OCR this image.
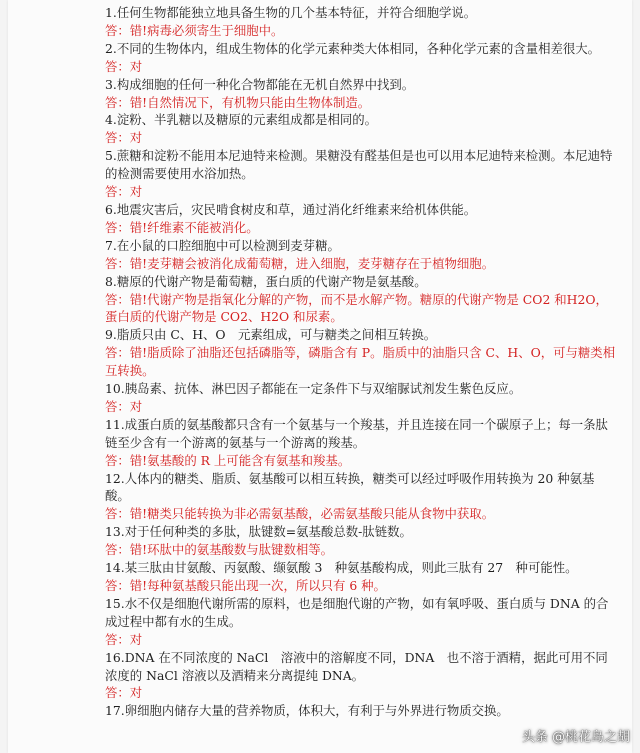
1.任何生物都能独立地具备生物的几个基本特征，并符合细胞学说。

答：错!病毒必须寄生于细胞中。

2.不同的生物体内，组成生物体的化学元素种类大体相同，各种化学元素的含量相差很大。

答：对

3.构成细胞的任何一种化合物都能在无机自然界中找到。

答：错!自然情况下，有机物只能由生物体制造。

4.淀粉、半乳糖以及糖原的元素组成都是相同的。

答：对

5.蔗糖和淀粉不能用本尼迪特来检测。果糖没有醛基但是也可以用本尼迪特来检测。本尼迪特的检测需要使用水浴加热。

答：对

6.地震灾害后，灾民啃食树皮和草，通过消化纤维素来给机体供能。

答：错!纤维素不能被消化。

7.在小鼠的口腔细胞中可以检测到麦芽糖。

答：错!麦芽糖会被消化成葡萄糖，进入细胞，麦芽糖存在于植物细胞。

8.糖原的代谢产物是葡萄糖，蛋白质的代谢产物是氨基酸。

答：错!代谢产物是指氧化分解的产物，而不是水解产物。糖原的代谢产物是 CO2 和H2O，蛋白质的代谢产物是 CO2、H2O 和尿素。

9.脂质只由 C、H、O　元素组成，可与糖类之间相互转换。

答：错!脂质除了油脂还包括磷脂等，磷脂含有 P。脂质中的油脂只含 C、H、O，可与糖类相互转换。

10.胰岛素、抗体、淋巴因子都能在一定条件下与双缩脲试剂发生紫色反应。

答：对

11.成蛋白质的氨基酸都只含有一个氨基与一个羧基，并且连接在同一个碳原子上；每一条肽链至少含有一个游离的氨基与一个游离的羧基。

答：错!氨基酸的 R 上可能含有氨基和羧基。

12.人体内的糖类、脂质、氨基酸可以相互转换，糖类可以经过呼吸作用转换为 20 种氨基酸。

答：错!糖类只能转换为非必需氨基酸，必需氨基酸只能从食物中获取。

13.对于任何种类的多肽，肽键数=氨基酸总数-肽链数。

答：错!环肽中的氨基酸数与肽键数相等。

14.某三肽由甘氨酸、丙氨酸、缬氨酸 3　种氨基酸构成，则此三肽有 27　种可能性。

答：错!每种氨基酸只能出现一次，所以只有 6 种。

15.水不仅是细胞代谢所需的原料，也是细胞代谢的产物，如有氧呼吸、蛋白质与 DNA 的合成过程中都有水的生成。

答：对

16.DNA 在不同浓度的 NaCl　溶液中的溶解度不同，DNA　也不溶于酒精，据此可用不同浓度的 NaCl 溶液以及酒精来分离提纯 DNA。

答：对

17.卵细胞内储存大量的营养物质，体积大，有利于与外界进行物质交换。

头条 @桃花岛之胡
